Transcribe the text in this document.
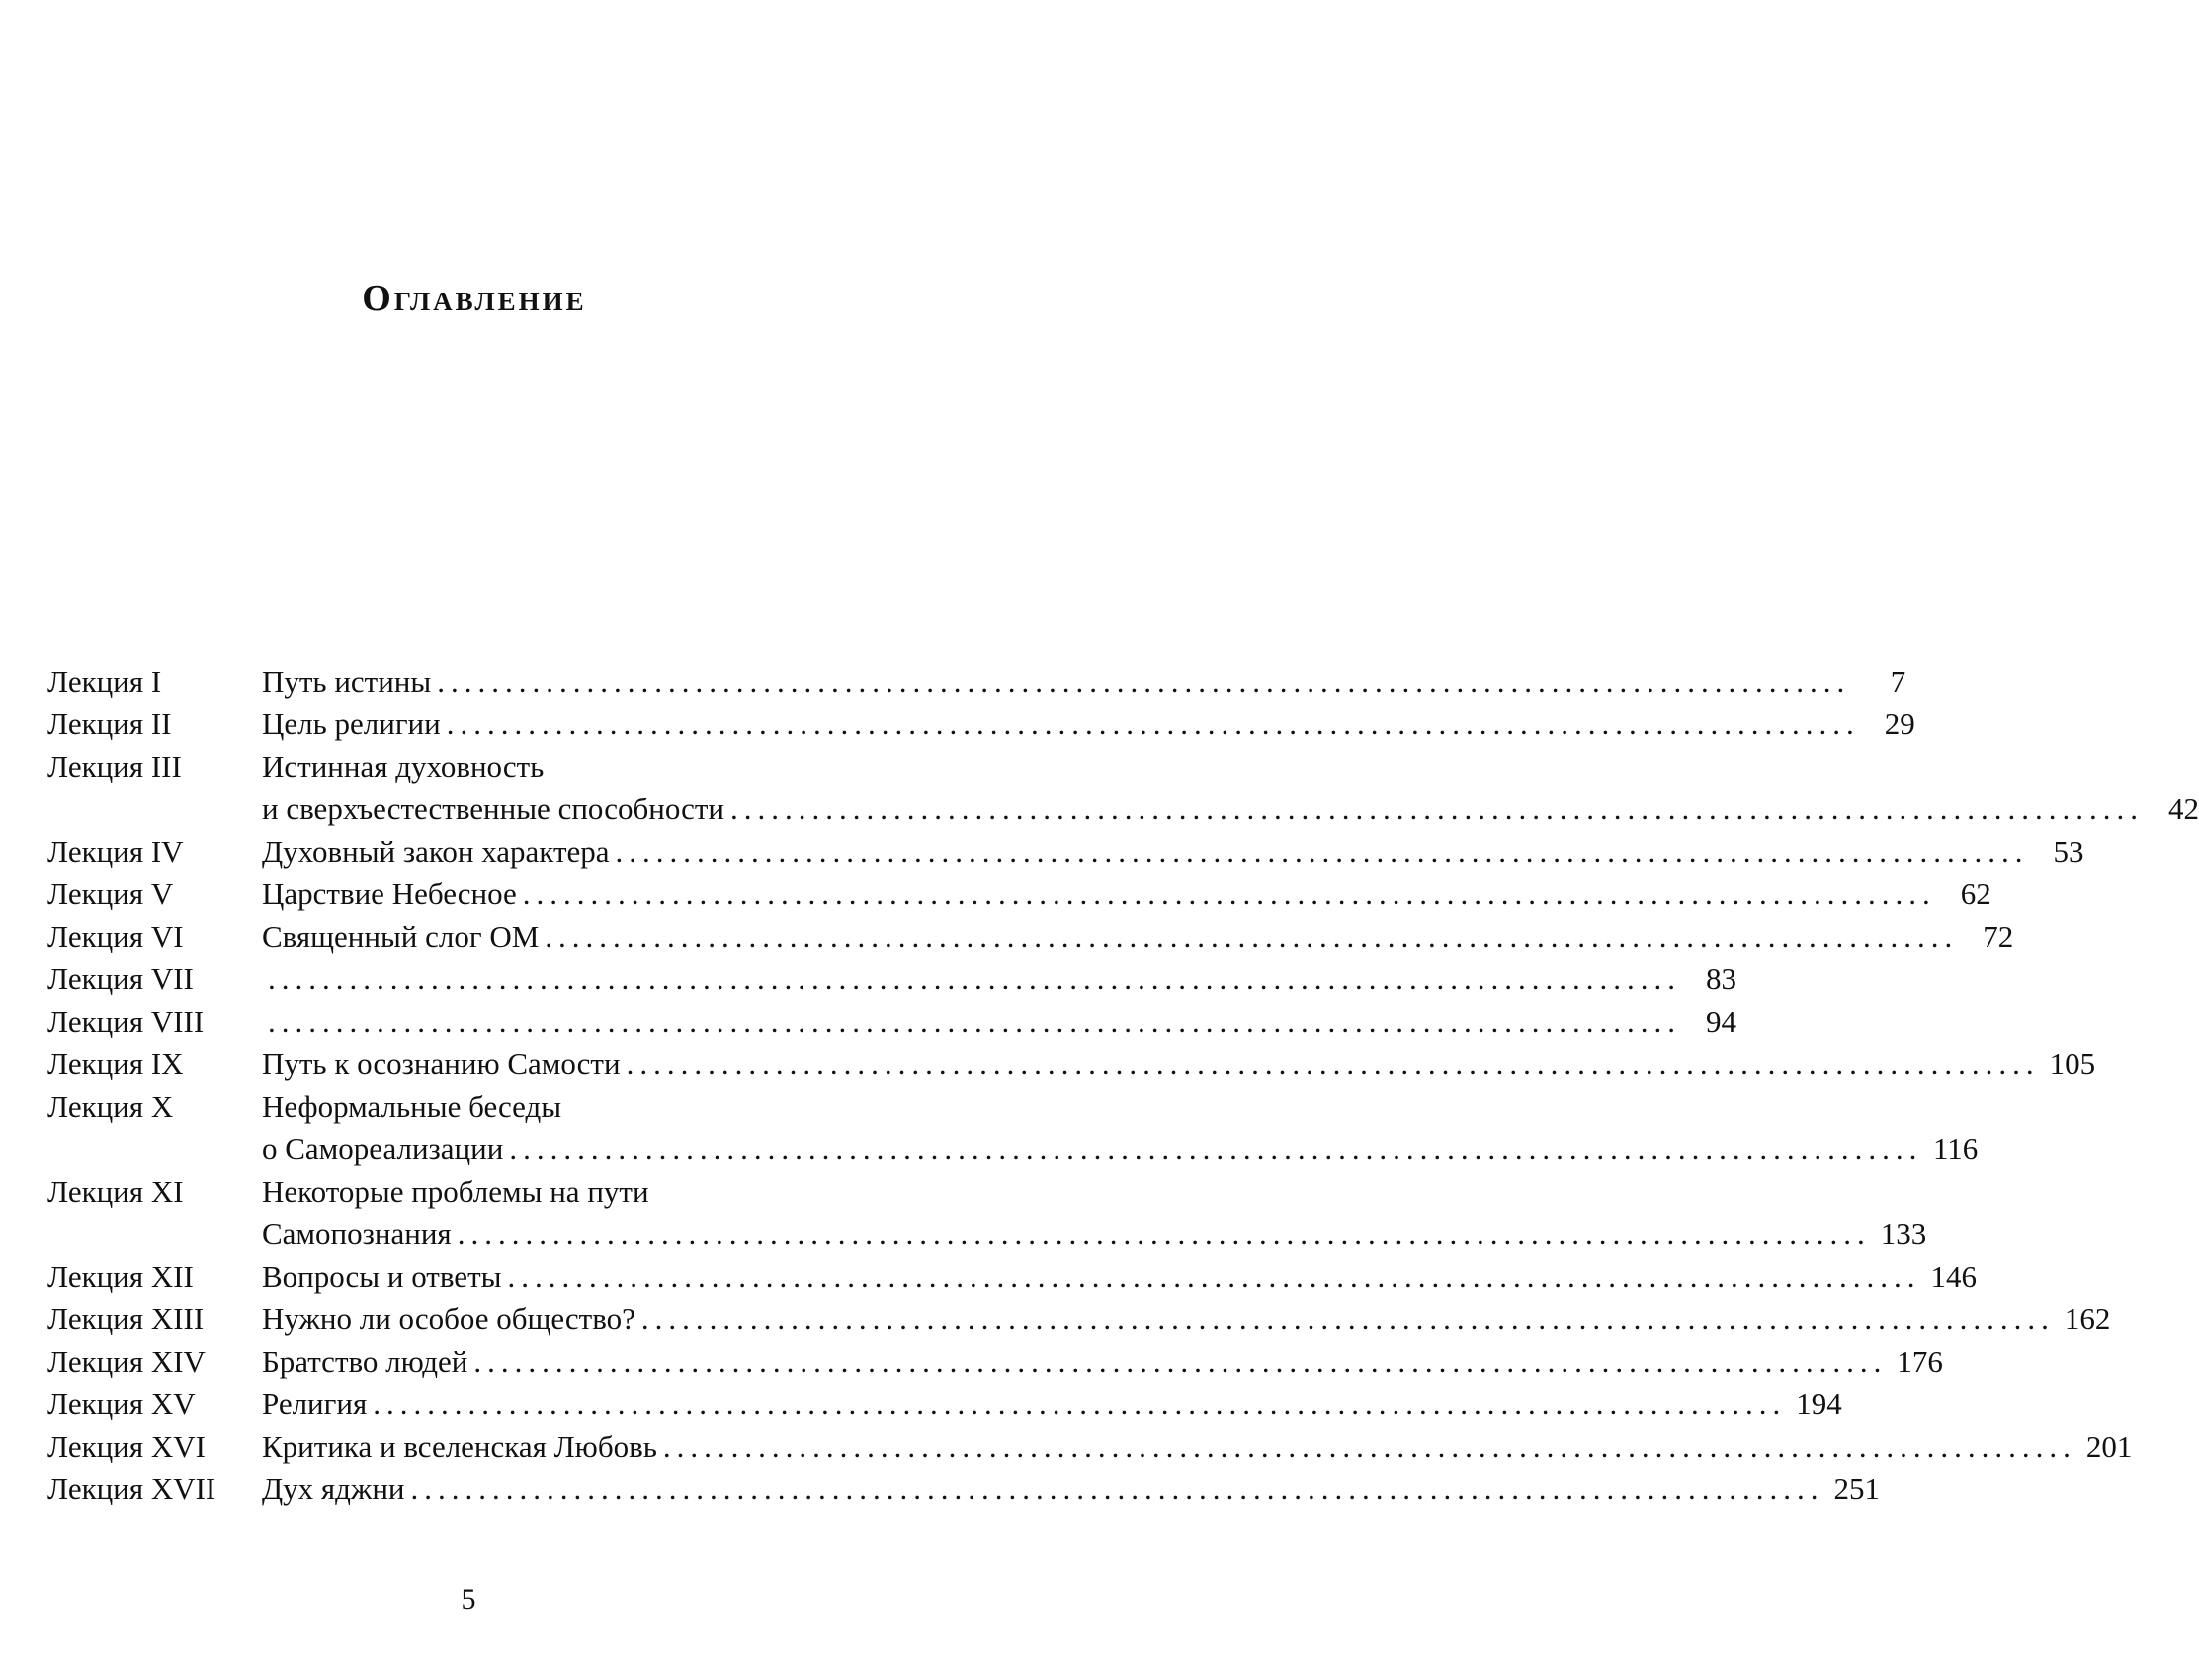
Оглавление
Лекция I	Путь истины ........................................................................................................	7
Лекция II	Цель религии ........................................................................................................ 29
Лекция III	Истинная духовность
и сверхъестественные способности ........................................................................................................ 42
Лекция IV	Духовный закон характера ........................................................................................................ 53
Лекция V	Царствие Небесное ........................................................................................................ 62
Лекция VI	Священный слог ОМ ........................................................................................................ 72
Лекция VII	........................................................................................................ 83
Лекция VIII	........................................................................................................ 94
Лекция IX	Путь к осознанию Самости ........................................................................................................ 105
Лекция X	Неформальные беседы
о Самореализации ........................................................................................................ 116
Лекция XI	Некоторые проблемы на пути
Самопознания ........................................................................................................ 133
Лекция XII	Вопросы и ответы ........................................................................................................ 146
Лекция XIII	Нужно ли особое общество? ........................................................................................................ 162
Лекция XIV	Братство людей ........................................................................................................ 176
Лекция XV	Религия ........................................................................................................ 194
Лекция XVI	Критика и вселенская Любовь ........................................................................................................ 201
Лекция XVII	Дух яджни ........................................................................................................ 251
5
